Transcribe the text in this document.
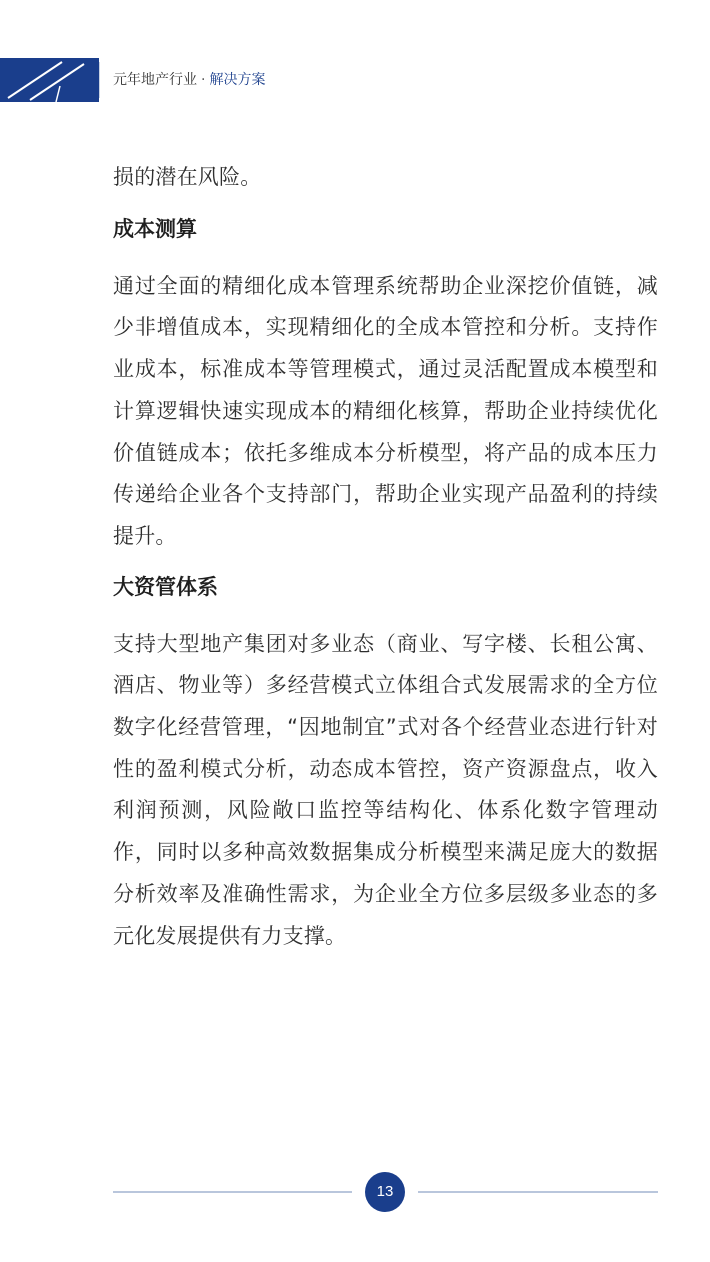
元年地产行业 · 解决方案

损的潜在风险。

成本测算

通过全面的精细化成本管理系统帮助企业深挖价值链，减少非增值成本，实现精细化的全成本管控和分析。支持作业成本，标准成本等管理模式，通过灵活配置成本模型和计算逻辑快速实现成本的精细化核算，帮助企业持续优化价值链成本；依托多维成本分析模型，将产品的成本压力传递给企业各个支持部门，帮助企业实现产品盈利的持续提升。

大资管体系

支持大型地产集团对多业态（商业、写字楼、长租公寓、酒店、物业等）多经营模式立体组合式发展需求的全方位数字化经营管理，“因地制宜”式对各个经营业态进行针对性的盈利模式分析，动态成本管控，资产资源盘点，收入利润预测，风险敞口监控等结构化、体系化数字管理动作，同时以多种高效数据集成分析模型来满足庞大的数据分析效率及准确性需求，为企业全方位多层级多业态的多元化发展提供有力支撑。

13
